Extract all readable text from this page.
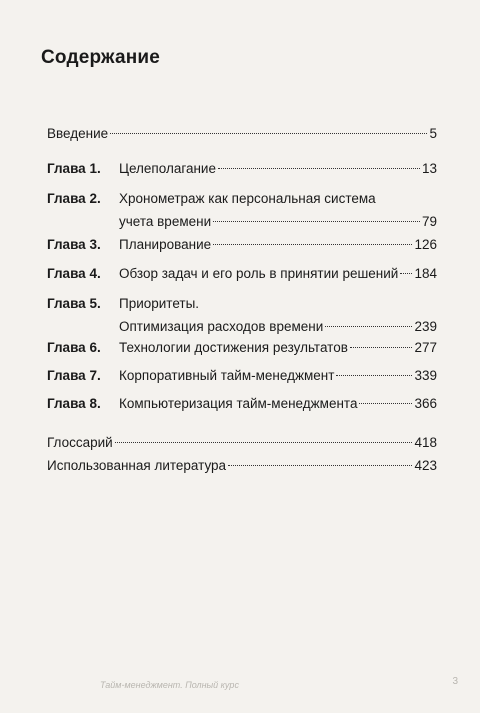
Содержание
Введение	5
Глава 1. Целеполагание	13
Глава 2. Хронометраж как персональная система
учета времени	79
Глава 3. Планирование	126
Глава 4. Обзор задач и его роль в принятии решений 184
Глава 5. Приоритеты.
Оптимизация расходов времени	239
Глава 6. Технологии достижения результатов	277
Глава 7. Корпоративный тайм-менеджмент	339
Глава 8. Компьютеризация тайм-менеджмента	366
Глоссарий	418
Использованная литература	423
Тайм-менеджмент. Полный курс	3
